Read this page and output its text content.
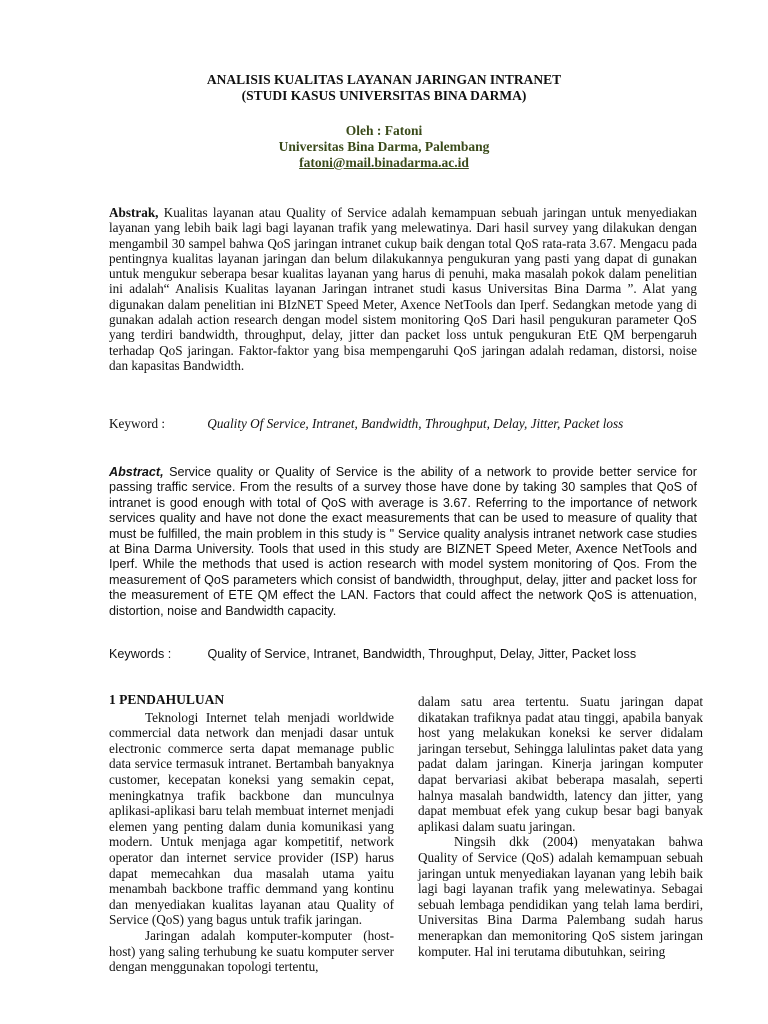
ANALISIS KUALITAS LAYANAN JARINGAN INTRANET
(STUDI KASUS UNIVERSITAS BINA DARMA)
Oleh : Fatoni
Universitas Bina Darma, Palembang
fatoni@mail.binadarma.ac.id
Abstrak, Kualitas layanan atau Quality of Service adalah kemampuan sebuah jaringan untuk menyediakan layanan yang lebih baik lagi bagi layanan trafik yang melewatinya. Dari hasil survey yang dilakukan dengan mengambil 30 sampel bahwa QoS jaringan intranet cukup baik dengan total QoS rata-rata 3.67. Mengacu pada pentingnya kualitas layanan jaringan dan belum dilakukannya pengukuran yang pasti yang dapat di gunakan untuk mengukur seberapa besar kualitas layanan yang harus di penuhi, maka masalah pokok dalam penelitian ini adalah“ Analisis Kualitas layanan Jaringan intranet studi kasus Universitas Bina Darma ”. Alat yang digunakan dalam penelitian ini BIzNET Speed Meter, Axence NetTools dan Iperf. Sedangkan metode yang di gunakan adalah action research dengan model sistem monitoring QoS Dari hasil pengukuran parameter QoS yang terdiri bandwidth, throughput, delay, jitter dan packet loss untuk pengukuran EtE QM berpengaruh terhadap QoS jaringan. Faktor-faktor yang bisa mempengaruhi QoS jaringan adalah redaman, distorsi, noise dan kapasitas Bandwidth.
Keyword :	Quality Of Service, Intranet, Bandwidth, Throughput, Delay, Jitter, Packet loss
Abstract, Service quality or Quality of Service is the ability of a network to provide better service for passing traffic service. From the results of a survey those have done by taking 30 samples that QoS of intranet is good enough with total of QoS with average is 3.67. Referring to the importance of network services quality and have not done the exact measurements that can be used to measure of quality that must be fulfilled, the main problem in this study is " Service quality analysis intranet network case studies at Bina Darma University. Tools that used in this study are BIZNET Speed Meter, Axence NetTools and Iperf. While the methods that used is action research with model system monitoring of Qos. From the measurement of QoS parameters which consist of bandwidth, throughput, delay, jitter and packet loss for the measurement of ETE QM effect the LAN. Factors that could affect the network QoS is attenuation, distortion, noise and Bandwidth capacity.
Keywords :	Quality of Service, Intranet, Bandwidth, Throughput, Delay, Jitter, Packet loss
1 PENDAHULUAN

Teknologi Internet telah menjadi worldwide commercial data network dan menjadi dasar untuk electronic commerce serta dapat memanage public data service termasuk intranet. Bertambah banyaknya customer, kecepatan koneksi yang semakin cepat, meningkatnya trafik backbone dan munculnya aplikasi-aplikasi baru telah membuat internet menjadi elemen yang penting dalam dunia komunikasi yang modern. Untuk menjaga agar kompetitif, network operator dan internet service provider (ISP) harus dapat memecahkan dua masalah utama yaitu menambah backbone traffic demmand yang kontinu dan menyediakan kualitas layanan atau Quality of Service (QoS) yang bagus untuk trafik jaringan.

Jaringan adalah komputer-komputer (host-host) yang saling terhubung ke suatu komputer server dengan menggunakan topologi tertentu,

dalam satu area tertentu. Suatu jaringan dapat dikatakan trafiknya padat atau tinggi, apabila banyak host yang melakukan koneksi ke server didalam jaringan tersebut, Sehingga lalulintas paket data yang padat dalam jaringan. Kinerja jaringan komputer dapat bervariasi akibat beberapa masalah, seperti halnya masalah bandwidth, latency dan jitter, yang dapat membuat efek yang cukup besar bagi banyak aplikasi dalam suatu jaringan.

Ningsih dkk (2004) menyatakan bahwa Quality of Service (QoS) adalah kemampuan sebuah jaringan untuk menyediakan layanan yang lebih baik lagi bagi layanan trafik yang melewatinya. Sebagai sebuah lembaga pendidikan yang telah lama berdiri, Universitas Bina Darma Palembang sudah harus menerapkan dan memonitoring QoS sistem jaringan komputer. Hal ini terutama dibutuhkan, seiring
